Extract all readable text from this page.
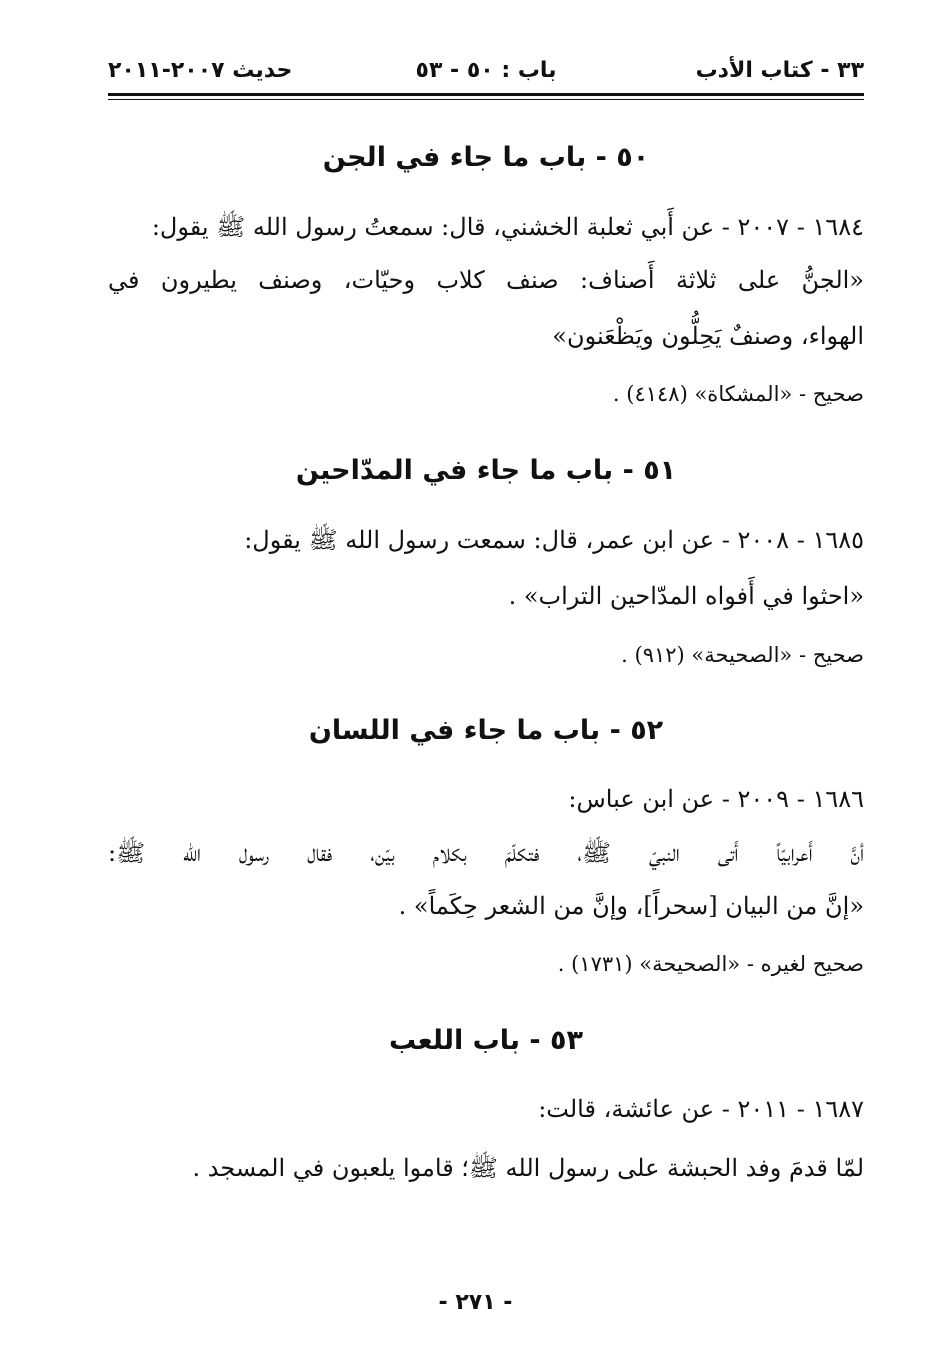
٣٣ - كتاب الأدب
باب : ٥٠ - ٥٣
حديث ٢٠٠٧-٢٠١١
٥٠ - باب ما جاء في الجن
١٦٨٤ - ٢٠٠٧ - عن أَبي ثعلبة الخشني، قال: سمعتُ رسول الله ﷺ يقول:
«الجنُّ على ثلاثة أَصناف: صنف كلاب وحيّات، وصنف يطيرون في
الهواء، وصنفٌ يَحِلُّون ويَظْعَنون»
صحيح - «المشكاة» (٤١٤٨) .
٥١ - باب ما جاء في المدّاحين
١٦٨٥ - ٢٠٠٨ - عن ابن عمر، قال: سمعت رسول الله ﷺ يقول:
«احثوا في أَفواه المدّاحين التراب» .
صحيح - «الصحيحة» (٩١٢) .
٥٢ - باب ما جاء في اللسان
١٦٨٦ - ٢٠٠٩ - عن ابن عباس:
أنَّ أَعرابيّاً أَتى النبيّ ﷺ، فتكلّمَ بكلام بيّن، فقال رسول الله ﷺ:
«إنَّ من البيان [سحراً]، وإنَّ من الشعر حِكَماً» .
صحيح لغيره - «الصحيحة» (١٧٣١) .
٥٣ - باب اللعب
١٦٨٧ - ٢٠١١ - عن عائشة، قالت:
لمّا قدمَ وفد الحبشة على رسول الله ﷺ؛ قاموا يلعبون في المسجد .
- ٢٧١ -
